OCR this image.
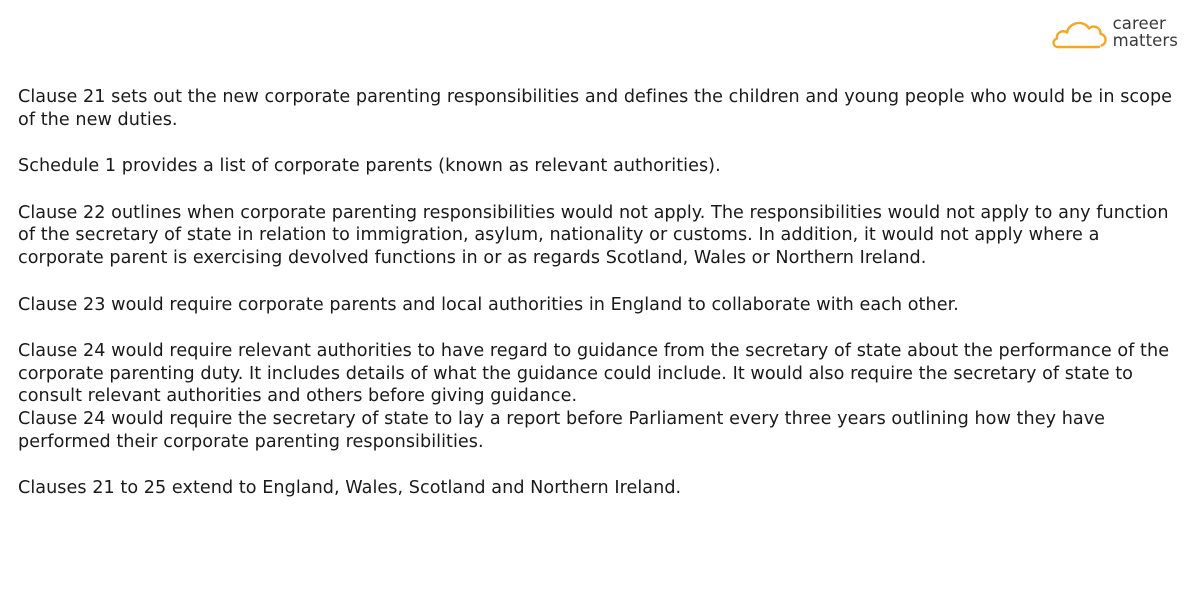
career
matters

Clause 21 sets out the new corporate parenting responsibilities and defines the children and young people who would be in scope of the new duties.

Schedule 1 provides a list of corporate parents (known as relevant authorities).

Clause 22 outlines when corporate parenting responsibilities would not apply. The responsibilities would not apply to any function of the secretary of state in relation to immigration, asylum, nationality or customs. In addition, it would not apply where a corporate parent is exercising devolved functions in or as regards Scotland, Wales or Northern Ireland.

Clause 23 would require corporate parents and local authorities in England to collaborate with each other.

Clause 24 would require relevant authorities to have regard to guidance from the secretary of state about the performance of the corporate parenting duty. It includes details of what the guidance could include. It would also require the secretary of state to consult relevant authorities and others before giving guidance.

Clause 24 would require the secretary of state to lay a report before Parliament every three years outlining how they have performed their corporate parenting responsibilities.

Clauses 21 to 25 extend to England, Wales, Scotland and Northern Ireland.
